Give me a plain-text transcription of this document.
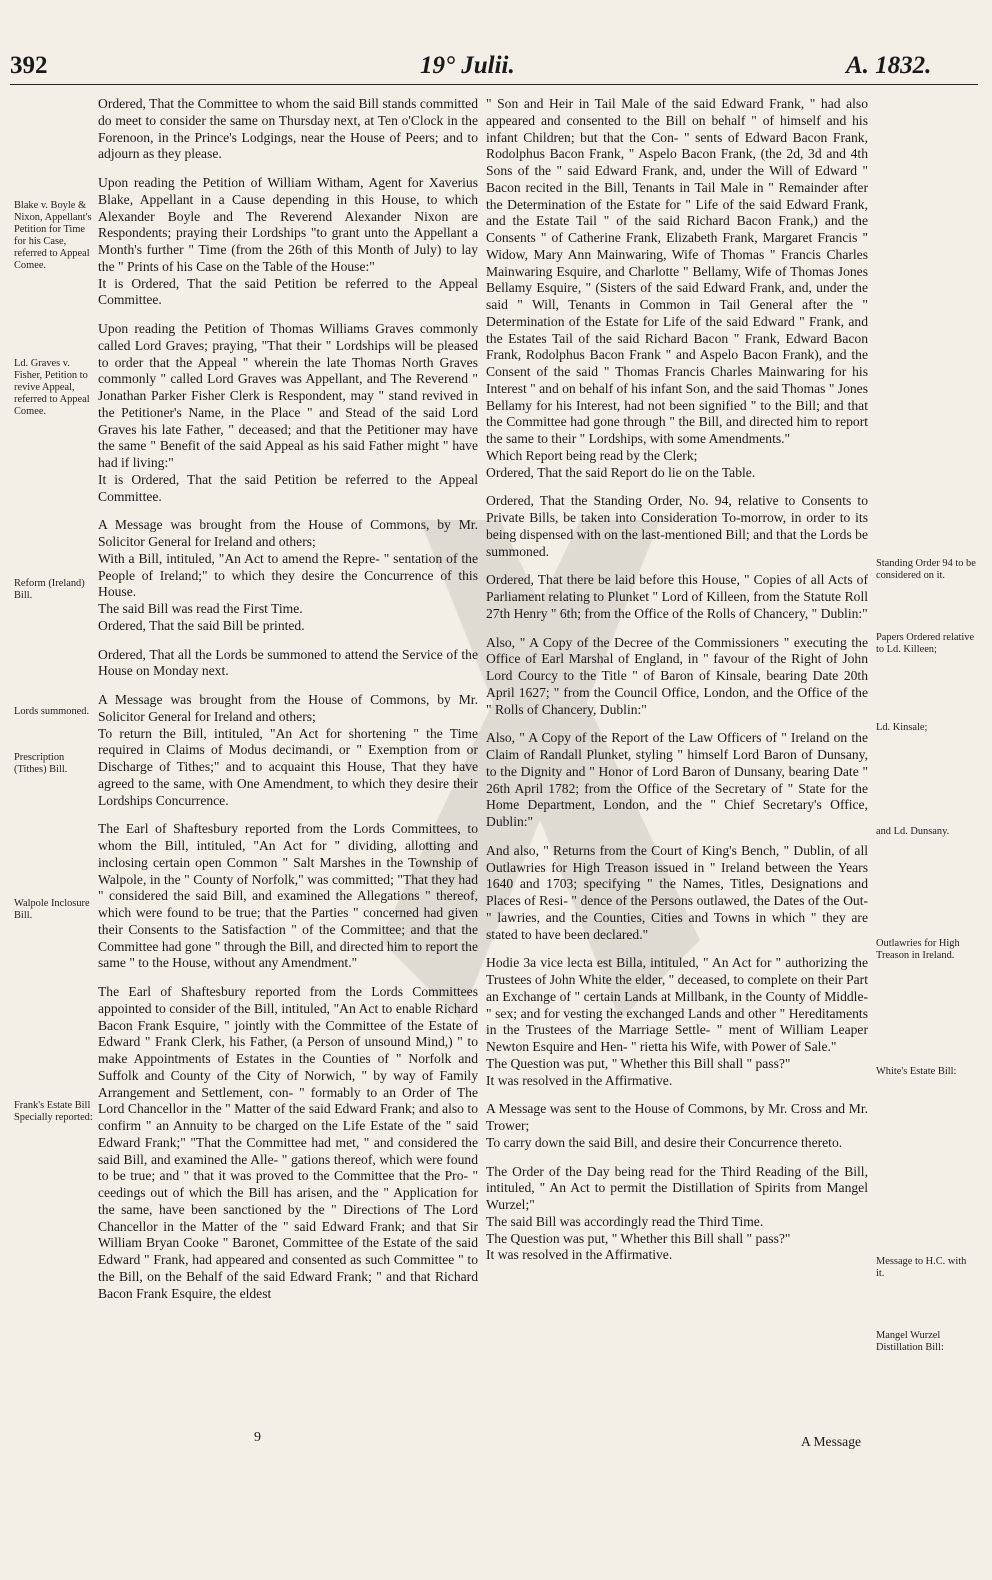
392	19° Julii.	A. 1832.

Ordered, That the Committee to whom the said Bill stands committed do meet to consider the same on Thursday next, at Ten o'Clock in the Forenoon, in the Prince's Lodgings, near the House of Peers; and to adjourn as they please.

Upon reading the Petition of William Witham, Agent for Xaverius Blake, Appellant in a Cause depending in this House, to which Alexander Boyle and The Reverend Alexander Nixon are Respondents; praying their Lordships "to grant unto the Appellant a Month's further " Time (from the 26th of this Month of July) to lay the " Prints of his Case on the Table of the House:"

It is Ordered, That the said Petition be referred to the Appeal Committee.

Upon reading the Petition of Thomas Williams Graves commonly called Lord Graves; praying, "That their " Lordships will be pleased to order that the Appeal " wherein the late Thomas North Graves commonly " called Lord Graves was Appellant, and The Reverend " Jonathan Parker Fisher Clerk is Respondent, may " stand revived in the Petitioner's Name, in the Place " and Stead of the said Lord Graves his late Father, " deceased; and that the Petitioner may have the same " Benefit of the said Appeal as his said Father might " have had if living:"

It is Ordered, That the said Petition be referred to the Appeal Committee.

A Message was brought from the House of Commons, by Mr. Solicitor General for Ireland and others;

With a Bill, intituled, "An Act to amend the Repre- " sentation of the People of Ireland;" to which they desire the Concurrence of this House.

The said Bill was read the First Time.

Ordered, That the said Bill be printed.

Ordered, That all the Lords be summoned to attend the Service of the House on Monday next.

A Message was brought from the House of Commons, by Mr. Solicitor General for Ireland and others;

To return the Bill, intituled, "An Act for shortening " the Time required in Claims of Modus decimandi, or " Exemption from or Discharge of Tithes;" and to acquaint this House, That they have agreed to the same, with One Amendment, to which they desire their Lordships Concurrence.

The Earl of Shaftesbury reported from the Lords Committees, to whom the Bill, intituled, "An Act for " dividing, allotting and inclosing certain open Common " Salt Marshes in the Township of Walpole, in the " County of Norfolk," was committed; "That they had " considered the said Bill, and examined the Allegations " thereof, which were found to be true; that the Parties " concerned had given their Consents to the Satisfaction " of the Committee; and that the Committee had gone " through the Bill, and directed him to report the same " to the House, without any Amendment."

The Earl of Shaftesbury reported from the Lords Committees appointed to consider of the Bill, intituled, "An Act to enable Richard Bacon Frank Esquire, " jointly with the Committee of the Estate of Edward " Frank Clerk, his Father, (a Person of unsound Mind,) " to make Appointments of Estates in the Counties of " Norfolk and Suffolk and County of the City of Norwich, " by way of Family Arrangement and Settlement, con- " formably to an Order of The Lord Chancellor in the " Matter of the said Edward Frank; and also to confirm " an Annuity to be charged on the Life Estate of the " said Edward Frank;" "That the Committee had met, " and considered the said Bill, and examined the Alle- " gations thereof, which were found to be true; and " that it was proved to the Committee that the Pro- " ceedings out of which the Bill has arisen, and the " Application for the same, have been sanctioned by the " Directions of The Lord Chancellor in the Matter of the " said Edward Frank; and that Sir William Bryan Cooke " Baronet, Committee of the Estate of the said Edward " Frank, had appeared and consented as such Committee " to the Bill, on the Behalf of the said Edward Frank; " and that Richard Bacon Frank Esquire, the eldest

" Son and Heir in Tail Male of the said Edward Frank, " had also appeared and consented to the Bill on behalf " of himself and his infant Children; but that the Con- " sents of Edward Bacon Frank, Rodolphus Bacon Frank, " Aspelo Bacon Frank, (the 2d, 3d and 4th Sons of the " said Edward Frank, and, under the Will of Edward " Bacon recited in the Bill, Tenants in Tail Male in " Remainder after the Determination of the Estate for " Life of the said Edward Frank, and the Estate Tail " of the said Richard Bacon Frank,) and the Consents " of Catherine Frank, Elizabeth Frank, Margaret Francis " Widow, Mary Ann Mainwaring, Wife of Thomas " Francis Charles Mainwaring Esquire, and Charlotte " Bellamy, Wife of Thomas Jones Bellamy Esquire, " (Sisters of the said Edward Frank, and, under the said " Will, Tenants in Common in Tail General after the " Determination of the Estate for Life of the said Edward " Frank, and the Estates Tail of the said Richard Bacon " Frank, Edward Bacon Frank, Rodolphus Bacon Frank " and Aspelo Bacon Frank), and the Consent of the said " Thomas Francis Charles Mainwaring for his Interest " and on behalf of his infant Son, and the said Thomas " Jones Bellamy for his Interest, had not been signified " to the Bill; and that the Committee had gone through " the Bill, and directed him to report the same to their " Lordships, with some Amendments."

Which Report being read by the Clerk;

Ordered, That the said Report do lie on the Table.

Ordered, That the Standing Order, No. 94, relative to Consents to Private Bills, be taken into Consideration To-morrow, in order to its being dispensed with on the last-mentioned Bill; and that the Lords be summoned.

Ordered, That there be laid before this House, " Copies of all Acts of Parliament relating to Plunket " Lord of Killeen, from the Statute Roll 27th Henry " 6th; from the Office of the Rolls of Chancery, " Dublin:"

Also, " A Copy of the Decree of the Commissioners " executing the Office of Earl Marshal of England, in " favour of the Right of John Lord Courcy to the Title " of Baron of Kinsale, bearing Date 20th April 1627; " from the Council Office, London, and the Office of the " Rolls of Chancery, Dublin:"

Also, " A Copy of the Report of the Law Officers of " Ireland on the Claim of Randall Plunket, styling " himself Lord Baron of Dunsany, to the Dignity and " Honor of Lord Baron of Dunsany, bearing Date " 26th April 1782; from the Office of the Secretary of " State for the Home Department, London, and the " Chief Secretary's Office, Dublin:"

And also, " Returns from the Court of King's Bench, " Dublin, of all Outlawries for High Treason issued in " Ireland between the Years 1640 and 1703; specifying " the Names, Titles, Designations and Places of Resi- " dence of the Persons outlawed, the Dates of the Out- " lawries, and the Counties, Cities and Towns in which " they are stated to have been declared."

Hodie 3a vice lecta est Billa, intituled, " An Act for " authorizing the Trustees of John White the elder, " deceased, to complete on their Part an Exchange of " certain Lands at Millbank, in the County of Middle- " sex; and for vesting the exchanged Lands and other " Hereditaments in the Trustees of the Marriage Settle- " ment of William Leaper Newton Esquire and Hen- " rietta his Wife, with Power of Sale."

The Question was put, " Whether this Bill shall " pass?"

It was resolved in the Affirmative.

A Message was sent to the House of Commons, by Mr. Cross and Mr. Trower;

To carry down the said Bill, and desire their Concurrence thereto.

The Order of the Day being read for the Third Reading of the Bill, intituled, " An Act to permit the Distillation of Spirits from Mangel Wurzel;"

The said Bill was accordingly read the Third Time.

The Question was put, " Whether this Bill shall " pass?"

It was resolved in the Affirmative.

Blake v. Boyle & Nixon, Appellant's Petition for Time for his Case, referred to Appeal Comee.
Ld. Graves v. Fisher, Petition to revive Appeal, referred to Appeal Comee.
Reform (Ireland) Bill.
Lords summoned.
Prescription (Tithes) Bill.
Walpole Inclosure Bill.
Frank's Estate Bill Specially reported:
Standing Order 94 to be considered on it.
Papers Ordered relative to Ld. Killeen;
Ld. Kinsale;
and Ld. Dunsany.
Outlawries for High Treason in Ireland.
White's Estate Bill:
Message to H.C. with it.
Mangel Wurzel Distillation Bill:
9	A Message
